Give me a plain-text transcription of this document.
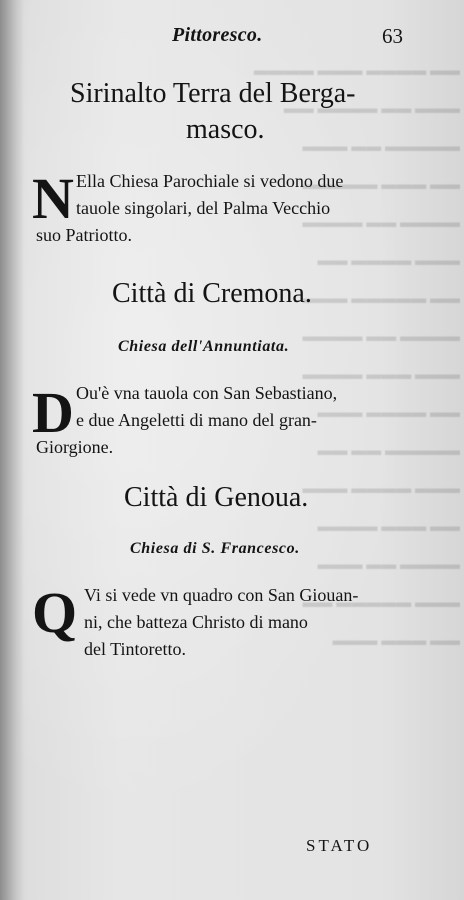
▬▬ ▬▬▬▬ ▬▬▬ ▬▬▬▬
▬▬▬ ▬▬ ▬▬▬▬ ▬▬
▬▬▬▬▬ ▬▬ ▬▬▬
▬▬ ▬▬▬ ▬▬▬▬▬
▬▬▬▬ ▬▬ ▬▬▬▬
▬▬▬ ▬▬▬▬ ▬▬
▬▬ ▬▬▬▬▬ ▬▬▬
▬▬▬▬ ▬▬ ▬▬▬▬
▬▬▬ ▬▬▬ ▬▬▬▬
▬▬ ▬▬▬▬ ▬▬▬
▬▬▬▬▬ ▬▬ ▬▬
▬▬▬ ▬▬▬▬ ▬▬▬
▬▬ ▬▬▬ ▬▬▬▬
▬▬▬▬ ▬▬ ▬▬▬
▬▬▬ ▬▬▬▬▬ ▬▬
▬▬ ▬▬▬ ▬▬▬
Pittoresco.	63
Sirinalto Terra del Berga-
masco.
N Ella Chiesa Parochiale si vedono due
tauole singolari, del Palma Vecchio
suo Patriotto.
Città di Cremona.
Chiesa dell'Annuntiata.
D Ou'è vna tauola con San Sebastiano,
e due Angeletti di mano del gran-
Giorgione.
Città di Genoua.
Chiesa di S. Francesco.
Q Vi si vede vn quadro con San Giouan-
ni, che batteza Christo di mano
del Tintoretto.
STATO
